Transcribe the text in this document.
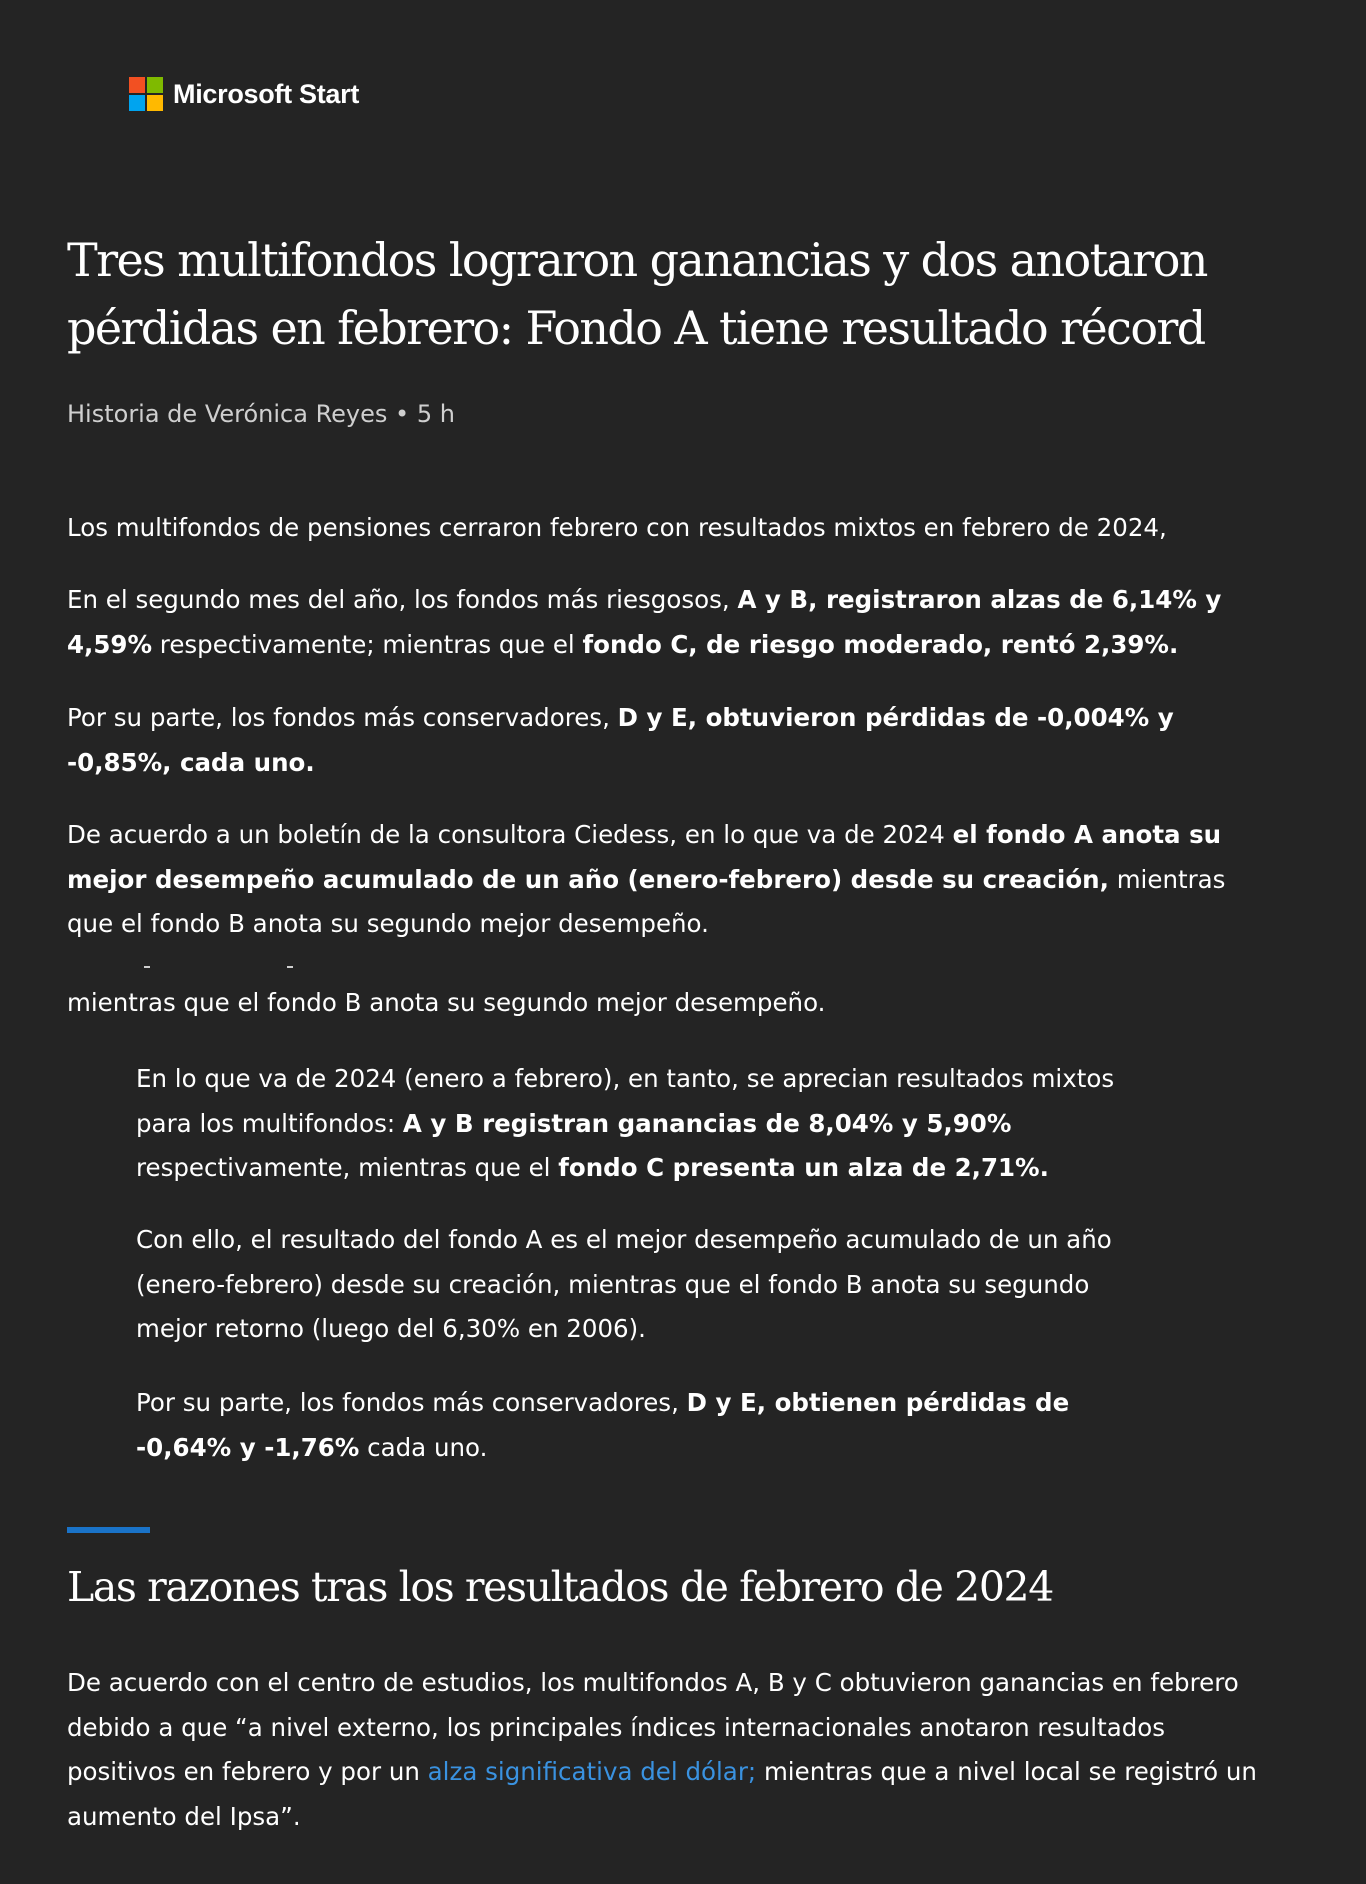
Microsoft Start
Tres multifondos lograron ganancias y dos anotaron
pérdidas en febrero: Fondo A tiene resultado récord
Historia de Verónica Reyes • 5 h

Los multifondos de pensiones cerraron febrero con resultados mixtos en febrero de 2024,

En el segundo mes del año, los fondos más riesgosos, A y B, registraron alzas de 6,14% y 4,59% respectivamente; mientras que el fondo C, de riesgo moderado, rentó 2,39%.

Por su parte, los fondos más conservadores, D y E, obtuvieron pérdidas de -0,004% y -0,85%, cada uno.

De acuerdo a un boletín de la consultora Ciedess, en lo que va de 2024 el fondo A anota su mejor desempeño acumulado de un año (enero-febrero) desde su creación, mientras que el fondo B anota su segundo mejor desempeño.

mientras que el fondo B anota su segundo mejor desempeño.

En lo que va de 2024 (enero a febrero), en tanto, se aprecian resultados mixtos para los multifondos: A y B registran ganancias de 8,04% y 5,90% respectivamente, mientras que el fondo C presenta un alza de 2,71%.

Con ello, el resultado del fondo A es el mejor desempeño acumulado de un año (enero-febrero) desde su creación, mientras que el fondo B anota su segundo mejor retorno (luego del 6,30% en 2006).

Por su parte, los fondos más conservadores, D y E, obtienen pérdidas de -0,64% y -1,76% cada uno.

Las razones tras los resultados de febrero de 2024

De acuerdo con el centro de estudios, los multifondos A, B y C obtuvieron ganancias en febrero debido a que “a nivel externo, los principales índices internacionales anotaron resultados positivos en febrero y por un alza significativa del dólar; mientras que a nivel local se registró un aumento del Ipsa”.
